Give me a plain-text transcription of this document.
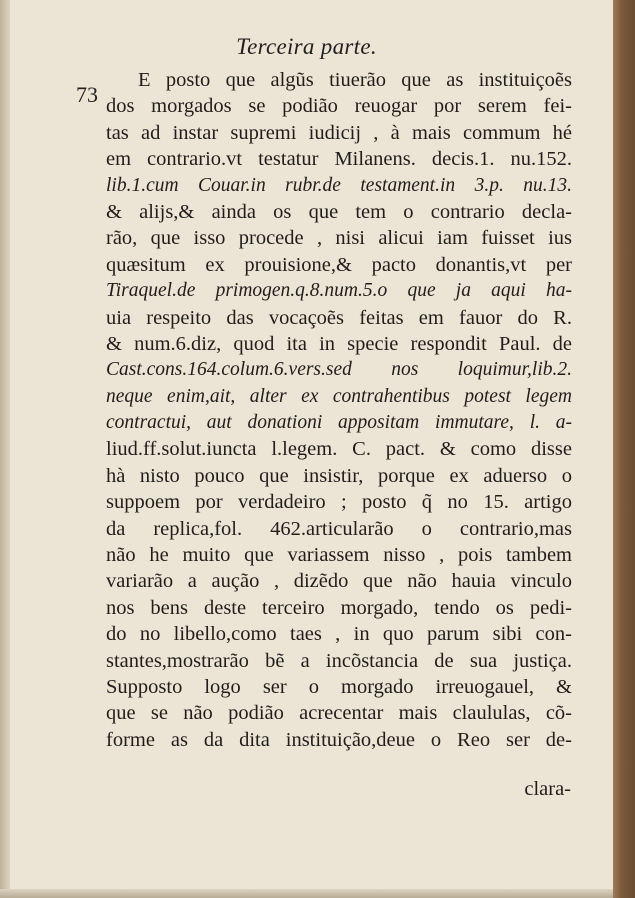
Terceira parte.
73
E posto que algũs tiuerão que as instituiçoẽs
dos morgados se podião reuogar por serem fei-
tas ad instar supremi iudicij , à mais commum hé
em contrario.vt testatur Milanens. decis.1. nu.152.
lib.1.cum Couar.in rubr.de testament.in 3.p. nu.13.
& alijs,& ainda os que tem o contrario decla-
rão, que isso procede , nisi alicui iam fuisset ius
quæsitum ex prouisione,& pacto donantis,vt per
Tiraquel.de primogen.q.8.num.5.o que ja aqui ha-
uia respeito das vocaçoẽs feitas em fauor do R.
& num.6.diz, quod ita in specie respondit Paul. de
Cast.cons.164.colum.6.vers.sed nos loquimur,lib.2.
neque enim,ait, alter ex contrahentibus potest legem
contractui, aut donationi appositam immutare, l. a-
liud.ff.solut.iuncta l.legem. C. pact. & como disse
hà nisto pouco que insistir, porque ex aduerso o
suppoem por verdadeiro ; posto q̃ no 15. artigo
da replica,fol. 462.articularão o contrario,mas
não he muito que variassem nisso , pois tambem
variarão a aução , dizẽdo que não hauia vinculo
nos bens deste terceiro morgado, tendo os pedi-
do no libello,como taes , in quo parum sibi con-
stantes,mostrarão bẽ a incõstancia de sua justiça.
Supposto logo ser o morgado irreuogauel, &
que se não podião acrecentar mais claululas, cõ-
forme as da dita instituição,deue o Reo ser de-
clara-
